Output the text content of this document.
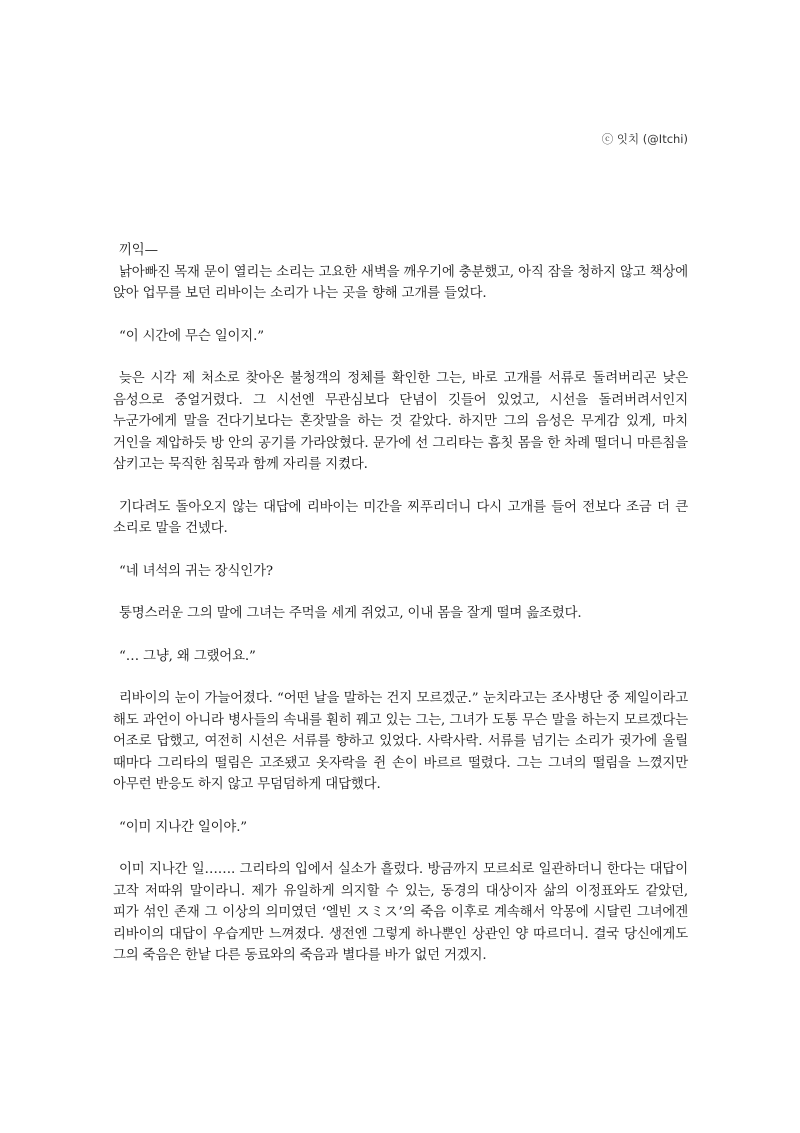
ⓒ 잇치 (@Itchi)

끼익—

낡아빠진 목재 문이 열리는 소리는 고요한 새벽을 깨우기에 충분했고, 아직 잠을 청하지 않고 책상에 앉아 업무를 보던 리바이는 소리가 나는 곳을 향해 고개를 들었다.

“이 시간에 무슨 일이지.”

늦은 시각 제 처소로 찾아온 불청객의 정체를 확인한 그는, 바로 고개를 서류로 돌려버리곤 낮은 음성으로 중얼거렸다. 그 시선엔 무관심보다 단념이 깃들어 있었고, 시선을 돌려버려서인지 누군가에게 말을 건다기보다는 혼잣말을 하는 것 같았다. 하지만 그의 음성은 무게감 있게, 마치 거인을 제압하듯 방 안의 공기를 가라앉혔다. 문가에 선 그리타는 흠칫 몸을 한 차례 떨더니 마른침을 삼키고는 묵직한 침묵과 함께 자리를 지켰다.

기다려도 돌아오지 않는 대답에 리바이는 미간을 찌푸리더니 다시 고개를 들어 전보다 조금 더 큰 소리로 말을 건넸다.

“네 녀석의 귀는 장식인가?

퉁명스러운 그의 말에 그녀는 주먹을 세게 쥐었고, 이내 몸을 잘게 떨며 읊조렸다.

“… 그냥, 왜 그랬어요.”

리바이의 눈이 가늘어졌다. “어떤 날을 말하는 건지 모르겠군.” 눈치라고는 조사병단 중 제일이라고 해도 과언이 아니라 병사들의 속내를 훤히 꿰고 있는 그는, 그녀가 도통 무슨 말을 하는지 모르겠다는 어조로 답했고, 여전히 시선은 서류를 향하고 있었다. 사락사락. 서류를 넘기는 소리가 귓가에 울릴 때마다 그리타의 떨림은 고조됐고 옷자락을 쥔 손이 바르르 떨렸다. 그는 그녀의 떨림을 느꼈지만 아무런 반응도 하지 않고 무덤덤하게 대답했다.

“이미 지나간 일이야.”

이미 지나간 일……. 그리타의 입에서 실소가 흘렀다. 방금까지 모르쇠로 일관하더니 한다는 대답이 고작 저따위 말이라니. 제가 유일하게 의지할 수 있는, 동경의 대상이자 삶의 이정표와도 같았던, 피가 섞인 존재 그 이상의 의미였던 ‘엘빈 スミス’의 죽음 이후로 계속해서 악몽에 시달린 그녀에겐 리바이의 대답이 우습게만 느껴졌다. 생전엔 그렇게 하나뿐인 상관인 양 따르더니. 결국 당신에게도 그의 죽음은 한낱 다른 동료와의 죽음과 별다를 바가 없던 거겠지.
